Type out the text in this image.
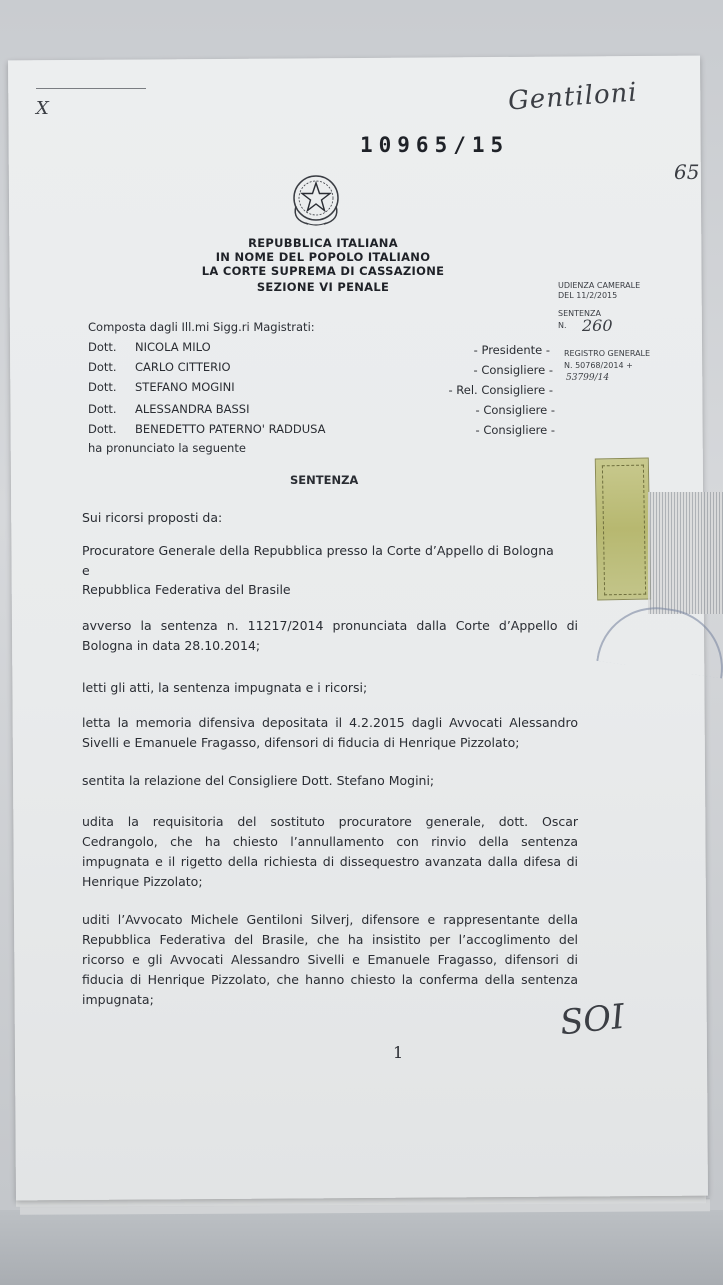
X	Gentiloni
65
10965/15
REPUBBLICA ITALIANA
IN NOME DEL POPOLO ITALIANO
LA CORTE SUPREMA DI CASSAZIONE
SEZIONE VI PENALE	UDIENZA CAMERALE
DEL 11/2/2015
SENTENZA
N. 260
REGISTRO GENERALE
N. 50768/2014 +
53799/14
Composta dagli Ill.mi Sigg.ri Magistrati:
Dott. NICOLA MILO	- Presidente -
Dott. CARLO CITTERIO	- Consigliere -
Dott. STEFANO MOGINI	- Rel. Consigliere -
Dott. ALESSANDRA BASSI	- Consigliere -
Dott. BENEDETTO PATERNO' RADDUSA	- Consigliere -
ha pronunciato la seguente
SENTENZA
Sui ricorsi proposti da:
Procuratore Generale della Repubblica presso la Corte d’Appello di Bologna
e
Repubblica Federativa del Brasile
avverso la sentenza n. 11217/2014 pronunciata dalla Corte d’Appello di Bologna in data 28.10.2014;
letti gli atti, la sentenza impugnata e i ricorsi;
letta la memoria difensiva depositata il 4.2.2015 dagli Avvocati Alessandro Sivelli e Emanuele Fragasso, difensori di fiducia di Henrique Pizzolato;
sentita la relazione del Consigliere Dott. Stefano Mogini;
udita la requisitoria del sostituto procuratore generale, dott. Oscar Cedrangolo, che ha chiesto l’annullamento con rinvio della sentenza impugnata e il rigetto della richiesta di dissequestro avanzata dalla difesa di Henrique Pizzolato;
uditi l’Avvocato Michele Gentiloni Silverj, difensore e rappresentante della Repubblica Federativa del Brasile, che ha insistito per l’accoglimento del ricorso e gli Avvocati Alessandro Sivelli e Emanuele Fragasso, difensori di fiducia di Henrique Pizzolato, che hanno chiesto la conferma della sentenza impugnata;	SOI
1
